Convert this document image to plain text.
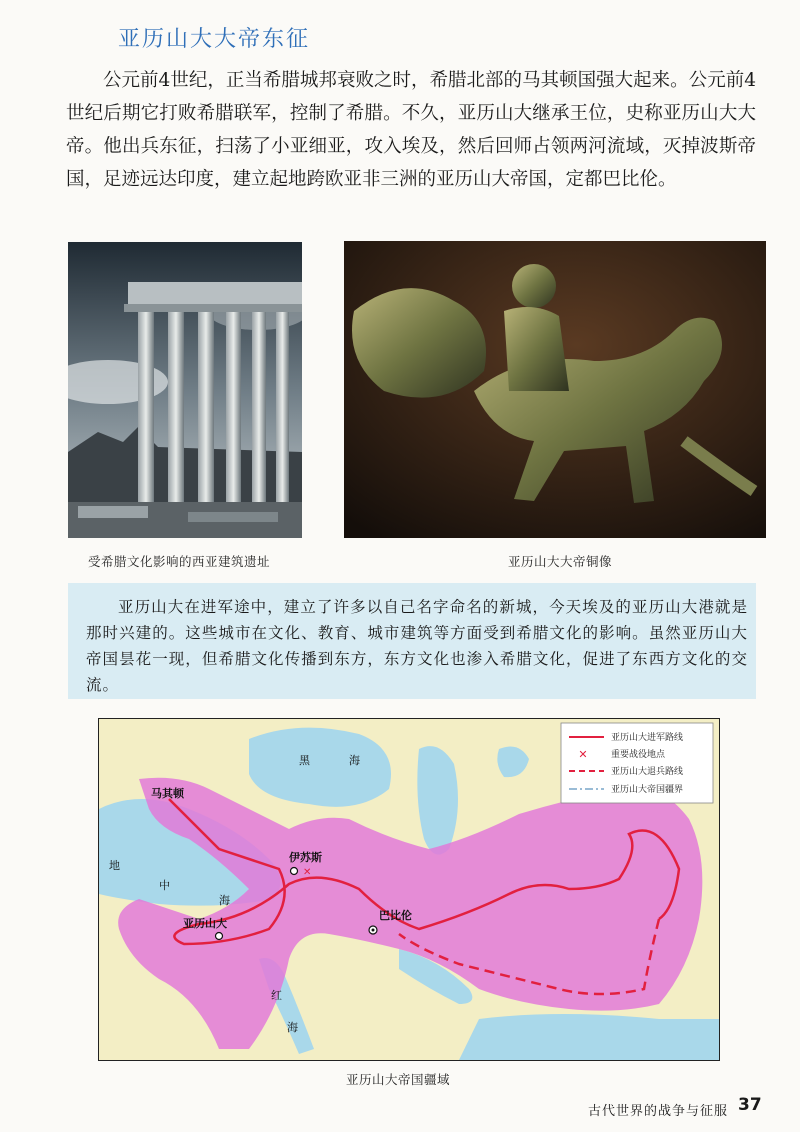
亚历山大大帝东征
公元前4世纪，正当希腊城邦衰败之时，希腊北部的马其顿国强大起来。公元前4世纪后期它打败希腊联军，控制了希腊。不久，亚历山大继承王位，史称亚历山大大帝。他出兵东征，扫荡了小亚细亚，攻入埃及，然后回师占领两河流域，灭掉波斯帝国，足迹远达印度，建立起地跨欧亚非三洲的亚历山大帝国，定都巴比伦。
受希腊文化影响的西亚建筑遗址	亚历山大大帝铜像
亚历山大在进军途中，建立了许多以自己名字命名的新城，今天埃及的亚历山大港就是那时兴建的。这些城市在文化、教育、城市建筑等方面受到希腊文化的影响。虽然亚历山大帝国昙花一现，但希腊文化传播到东方，东方文化也渗入希腊文化，促进了东西方文化的交流。
亚历山大进军路线
✕	重要战役地点
亚历山大退兵路线
亚历山大帝国疆界
黑	海
地
中
海
红
海
马其顿
✕
伊苏斯
亚历山大
巴比伦
亚历山大帝国疆域
古代世界的战争与征服 37
